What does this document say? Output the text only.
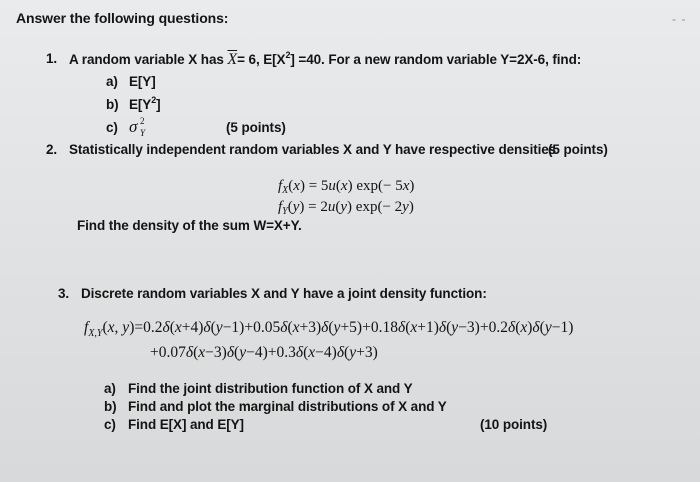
Answer the following questions:	- -
1. A random variable X has $\overline{X}= 6$, $E[X^2] =40$. For a new random variable Y=2X-6, find:
a) E[Y]
b) $E[Y^2]$
c) σ 2
Y	(5 points)
2. Statistically independent random variables X and Y have respective densities
(5 points)
$f_X(x) = 5u(x)$ exp(− 5x)
$f_Y(y) = 2u(y)$ exp(− 2y)
Find the density of the sum W=X+Y.
3. Discrete random variables X and Y have a joint density function:
$f_{X,Y}(x$, y)=0.2δ(x+4)δ(y−1)+0.05δ(x+3)δ(y+5)+0.18δ(x+1)δ(y−3)+0.2δ(x)δ(y−1)
+0.07δ(x−3)δ(y−4)+0.3δ(x−4)δ(y+3)
a) Find the joint distribution function of X and Y
b) Find and plot the marginal distributions of X and Y
c) Find E[X] and E[Y]	(10 points)
